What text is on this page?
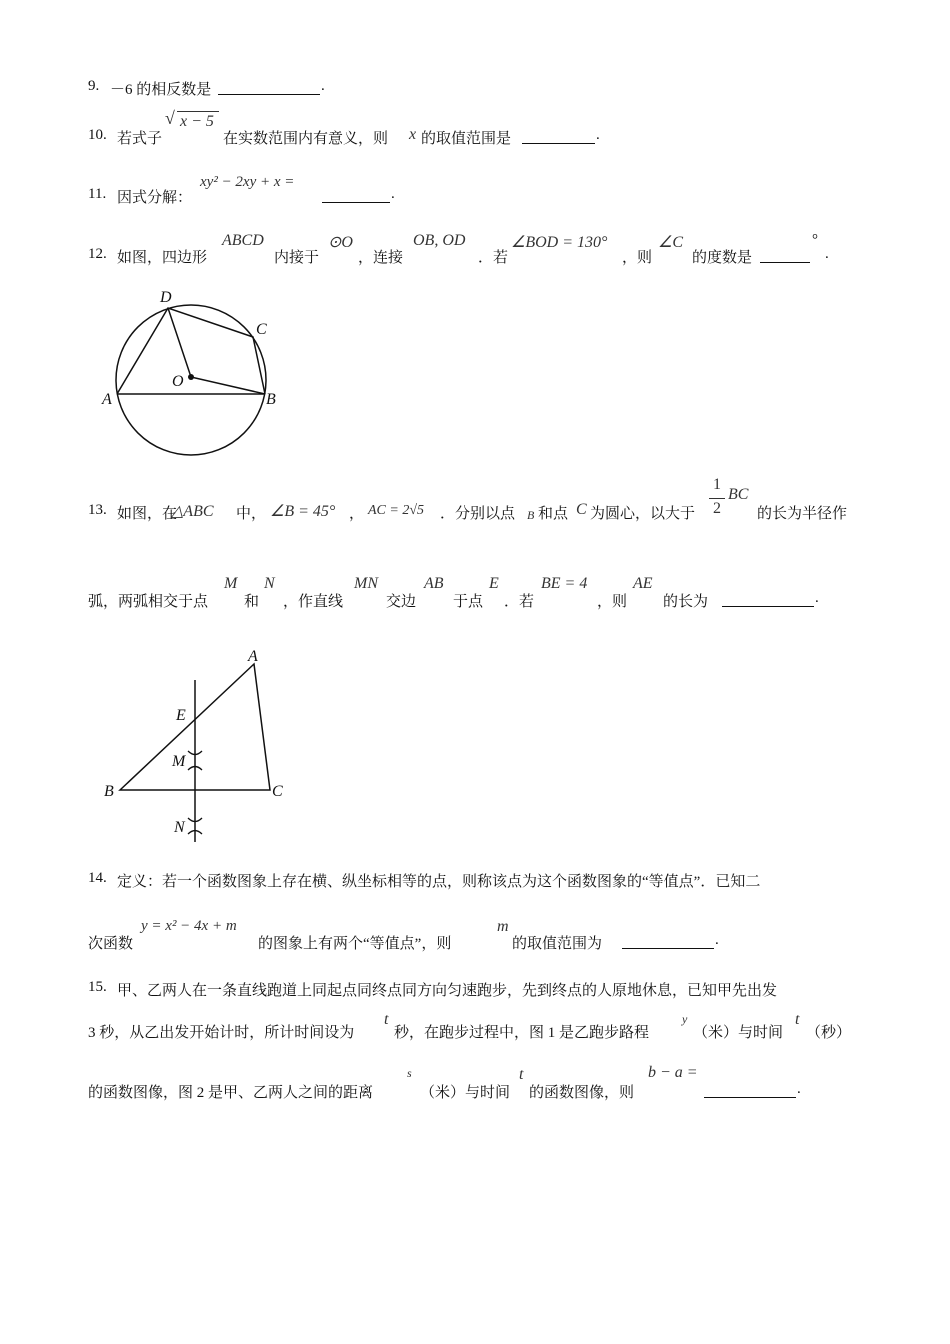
9. －6 的相反数是	.
10. 若式子
√ x − 5
在实数范围内有意义，则 x 的取值范围是	.
11. 因式分解：
xy² − 2xy + x =
.
12. 如图，四边形
ABCD
内接于
⊙O
，连接
OB, OD
．若
∠BOD = 130°
，则
∠C
的度数是
°
.
A	B
C
D
O
13. 如图，在
△ABC 中， ∠B = 45° ， AC = 2√5 ．分别以点 B 和点 C 为圆心，以大于
1
2
BC
的长为半径作
弧，两弧相交于点
M
和
N
，作直线
MN
交边
AB
于点
E
．若
BE = 4
，则
AE
的长为	.
A
B	C
E
M
N
14. 定义：若一个函数图象上存在横、纵坐标相等的点，则称该点为这个函数图象的“等值点”．已知二
次函数
y = x² − 4x + m
的图象上有两个“等值点”，则
m
的取值范围为	.
15. 甲、乙两人在一条直线跑道上同起点同终点同方向匀速跑步，先到终点的人原地休息，已知甲先出发
3 秒，从乙出发开始计时，所计时间设为
t
秒，在跑步过程中，图 1 是乙跑步路程
y
（米）与时间
t
（秒）
的函数图像，图 2 是甲、乙两人之间的距离
s
（米）与时间
t
的函数图像，则
b − a =
.
